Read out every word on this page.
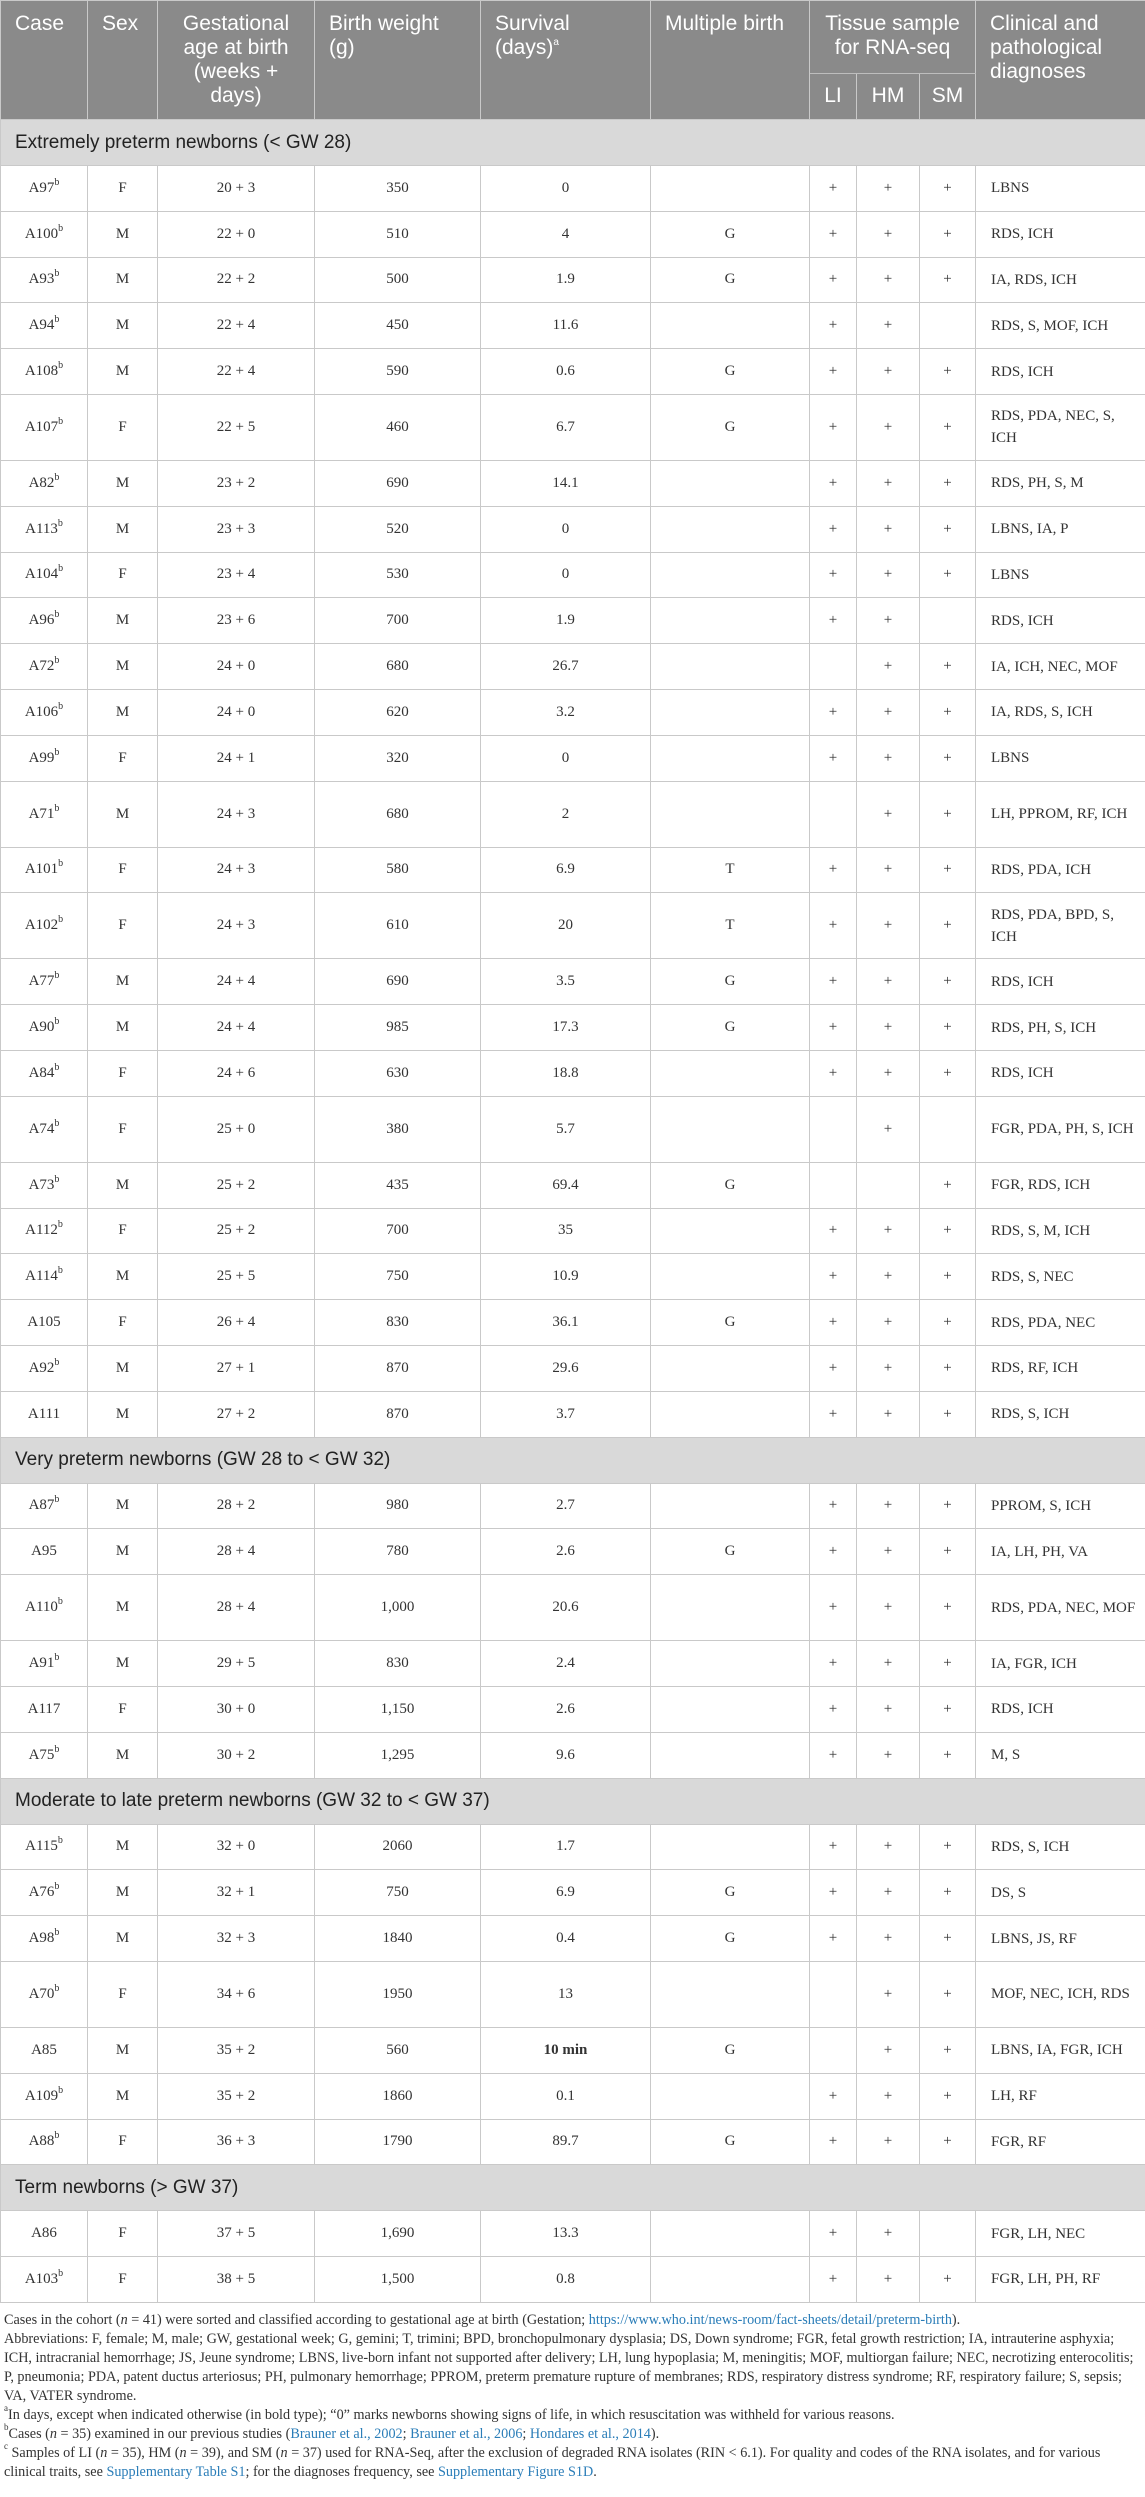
Case	Sex	Gestational age at birth (weeks + days)	Birth weight (g)	Survival (days)$^a$	Multiple birth	Tissue sample for RNA-seq			Clinical and pathological diagnoses
						LI	HM	SM	
Extremely preterm newborns (< GW 28)									
A97$^b$	F	20 + 3	350	0		+	+	+	LBNS
A100$^b$	M	22 + 0	510	4	G	+	+	+	RDS, ICH
A93$^b$	M	22 + 2	500	1.9	G	+	+	+	IA, RDS, ICH
A94$^b$	M	22 + 4	450	11.6		+	+		RDS, S, MOF, ICH
A108$^b$	M	22 + 4	590	0.6	G	+	+	+	RDS, ICH
A107$^b$	F	22 + 5	460	6.7	G	+	+	+	RDS, PDA, NEC, S, ICH
A82$^b$	M	23 + 2	690	14.1		+	+	+	RDS, PH, S, M
A113$^b$	M	23 + 3	520	0		+	+	+	LBNS, IA, P
A104$^b$	F	23 + 4	530	0		+	+	+	LBNS
A96$^b$	M	23 + 6	700	1.9		+	+		RDS, ICH
A72$^b$	M	24 + 0	680	26.7			+	+	IA, ICH, NEC, MOF
A106$^b$	M	24 + 0	620	3.2		+	+	+	IA, RDS, S, ICH
A99$^b$	F	24 + 1	320	0		+	+	+	LBNS
A71$^b$	M	24 + 3	680	2			+	+	LH, PPROM, RF, ICH
A101$^b$	F	24 + 3	580	6.9	T	+	+	+	RDS, PDA, ICH
A102$^b$	F	24 + 3	610	20	T	+	+	+	RDS, PDA, BPD, S, ICH
A77$^b$	M	24 + 4	690	3.5	G	+	+	+	RDS, ICH
A90$^b$	M	24 + 4	985	17.3	G	+	+	+	RDS, PH, S, ICH
A84$^b$	F	24 + 6	630	18.8		+	+	+	RDS, ICH
A74$^b$	F	25 + 0	380	5.7			+		FGR, PDA, PH, S, ICH
A73$^b$	M	25 + 2	435	69.4	G			+	FGR, RDS, ICH
A112$^b$	F	25 + 2	700	35		+	+	+	RDS, S, M, ICH
A114$^b$	M	25 + 5	750	10.9		+	+	+	RDS, S, NEC
A105	F	26 + 4	830	36.1	G	+	+	+	RDS, PDA, NEC
A92$^b$	M	27 + 1	870	29.6		+	+	+	RDS, RF, ICH
A111	M	27 + 2	870	3.7		+	+	+	RDS, S, ICH
Very preterm newborns (GW 28 to < GW 32)									
A87$^b$	M	28 + 2	980	2.7		+	+	+	PPROM, S, ICH
A95	M	28 + 4	780	2.6	G	+	+	+	IA, LH, PH, VA
A110$^b$	M	28 + 4	1,000	20.6		+	+	+	RDS, PDA, NEC, MOF
A91$^b$	M	29 + 5	830	2.4		+	+	+	IA, FGR, ICH
A117	F	30 + 0	1,150	2.6		+	+	+	RDS, ICH
A75$^b$	M	30 + 2	1,295	9.6		+	+	+	M, S
Moderate to late preterm newborns (GW 32 to < GW 37)									
A115$^b$	M	32 + 0	2060	1.7		+	+	+	RDS, S, ICH
A76$^b$	M	32 + 1	750	6.9	G	+	+	+	DS, S
A98$^b$	M	32 + 3	1840	0.4	G	+	+	+	LBNS, JS, RF
A70$^b$	F	34 + 6	1950	13			+	+	MOF, NEC, ICH, RDS
A85	M	35 + 2	560	10 min	G		+	+	LBNS, IA, FGR, ICH
A109$^b$	M	35 + 2	1860	0.1		+	+	+	LH, RF
A88$^b$	F	36 + 3	1790	89.7	G	+	+	+	FGR, RF
Term newborns (> GW 37)									
A86	F	37 + 5	1,690	13.3		+	+		FGR, LH, NEC
A103$^b$	F	38 + 5	1,500	0.8		+	+	+	FGR, LH, PH, RF

Cases in the cohort (n = 41) were sorted and classified according to gestational age at birth (Gestation; https://www.who.int/news-room/fact-sheets/detail/preterm-birth).

Abbreviations: F, female; M, male; GW, gestational week; G, gemini; T, trimini; BPD, bronchopulmonary dysplasia; DS, Down syndrome; FGR, fetal growth restriction; IA, intrauterine asphyxia; ICH, intracranial hemorrhage; JS, Jeune syndrome; LBNS, live-born infant not supported after delivery; LH, lung hypoplasia; M, meningitis; MOF, multiorgan failure; NEC, necrotizing enterocolitis; P, pneumonia; PDA, patent ductus arteriosus; PH, pulmonary hemorrhage; PPROM, preterm premature rupture of membranes; RDS, respiratory distress syndrome; RF, respiratory failure; S, sepsis; VA, VATER syndrome.

$^a$In days, except when indicated otherwise (in bold type); “0” marks newborns showing signs of life, in which resuscitation was withheld for various reasons.

$^b$Cases (n = 35) examined in our previous studies (Brauner et al., 2002; Brauner et al., 2006; Hondares et al., 2014).

$^c$ Samples of LI (n = 35), HM (n = 39), and SM (n = 37) used for RNA-Seq, after the exclusion of degraded RNA isolates (RIN < 6.1). For quality and codes of the RNA isolates, and for various clinical traits, see Supplementary Table S1; for the diagnoses frequency, see Supplementary Figure S1D.
